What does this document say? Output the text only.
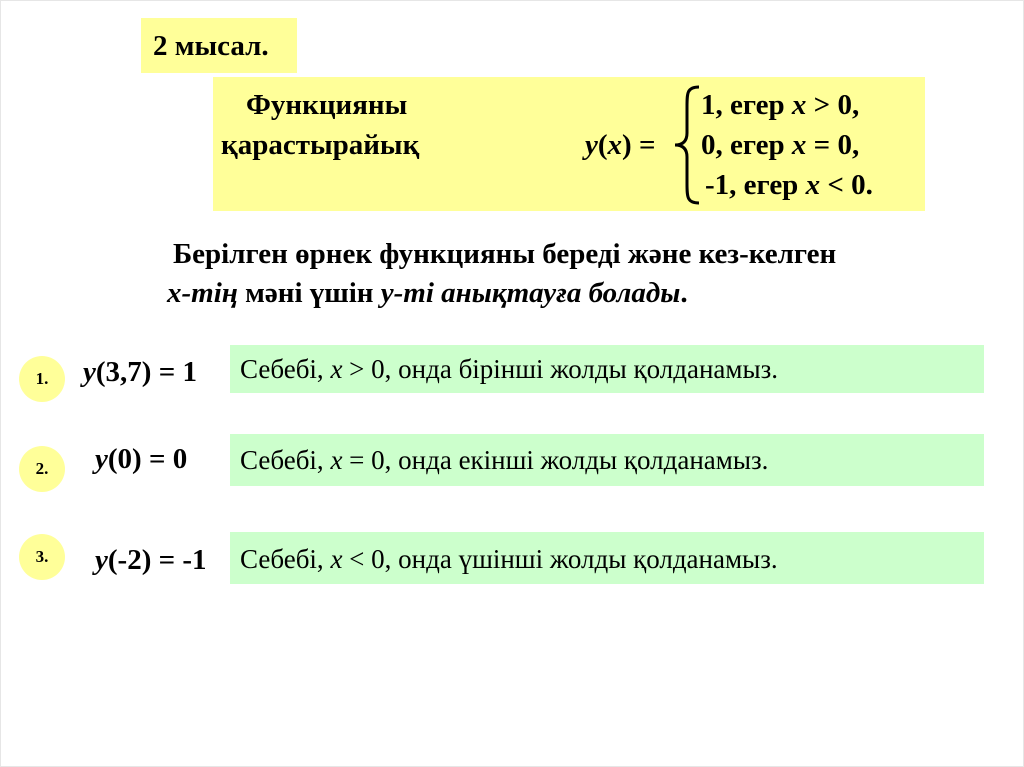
2 мысал.
Функцияны
қарастырайық	y(x) =
1, егер x > 0,
0, егер x = 0,
-1, егер x < 0.
Берілген өрнек функцияны береді және кез-келген
x-тің мәні үшін y-ті анықтауға болады.
1. y(3,7) = 1 Себебі, x > 0, онда бірінші жолды қолданамыз.
2. y(0) = 0 Себебі, x = 0, онда екінші жолды қолданамыз.
3. y(-2) = -1 Себебі, x < 0, онда үшінші жолды қолданамыз.
